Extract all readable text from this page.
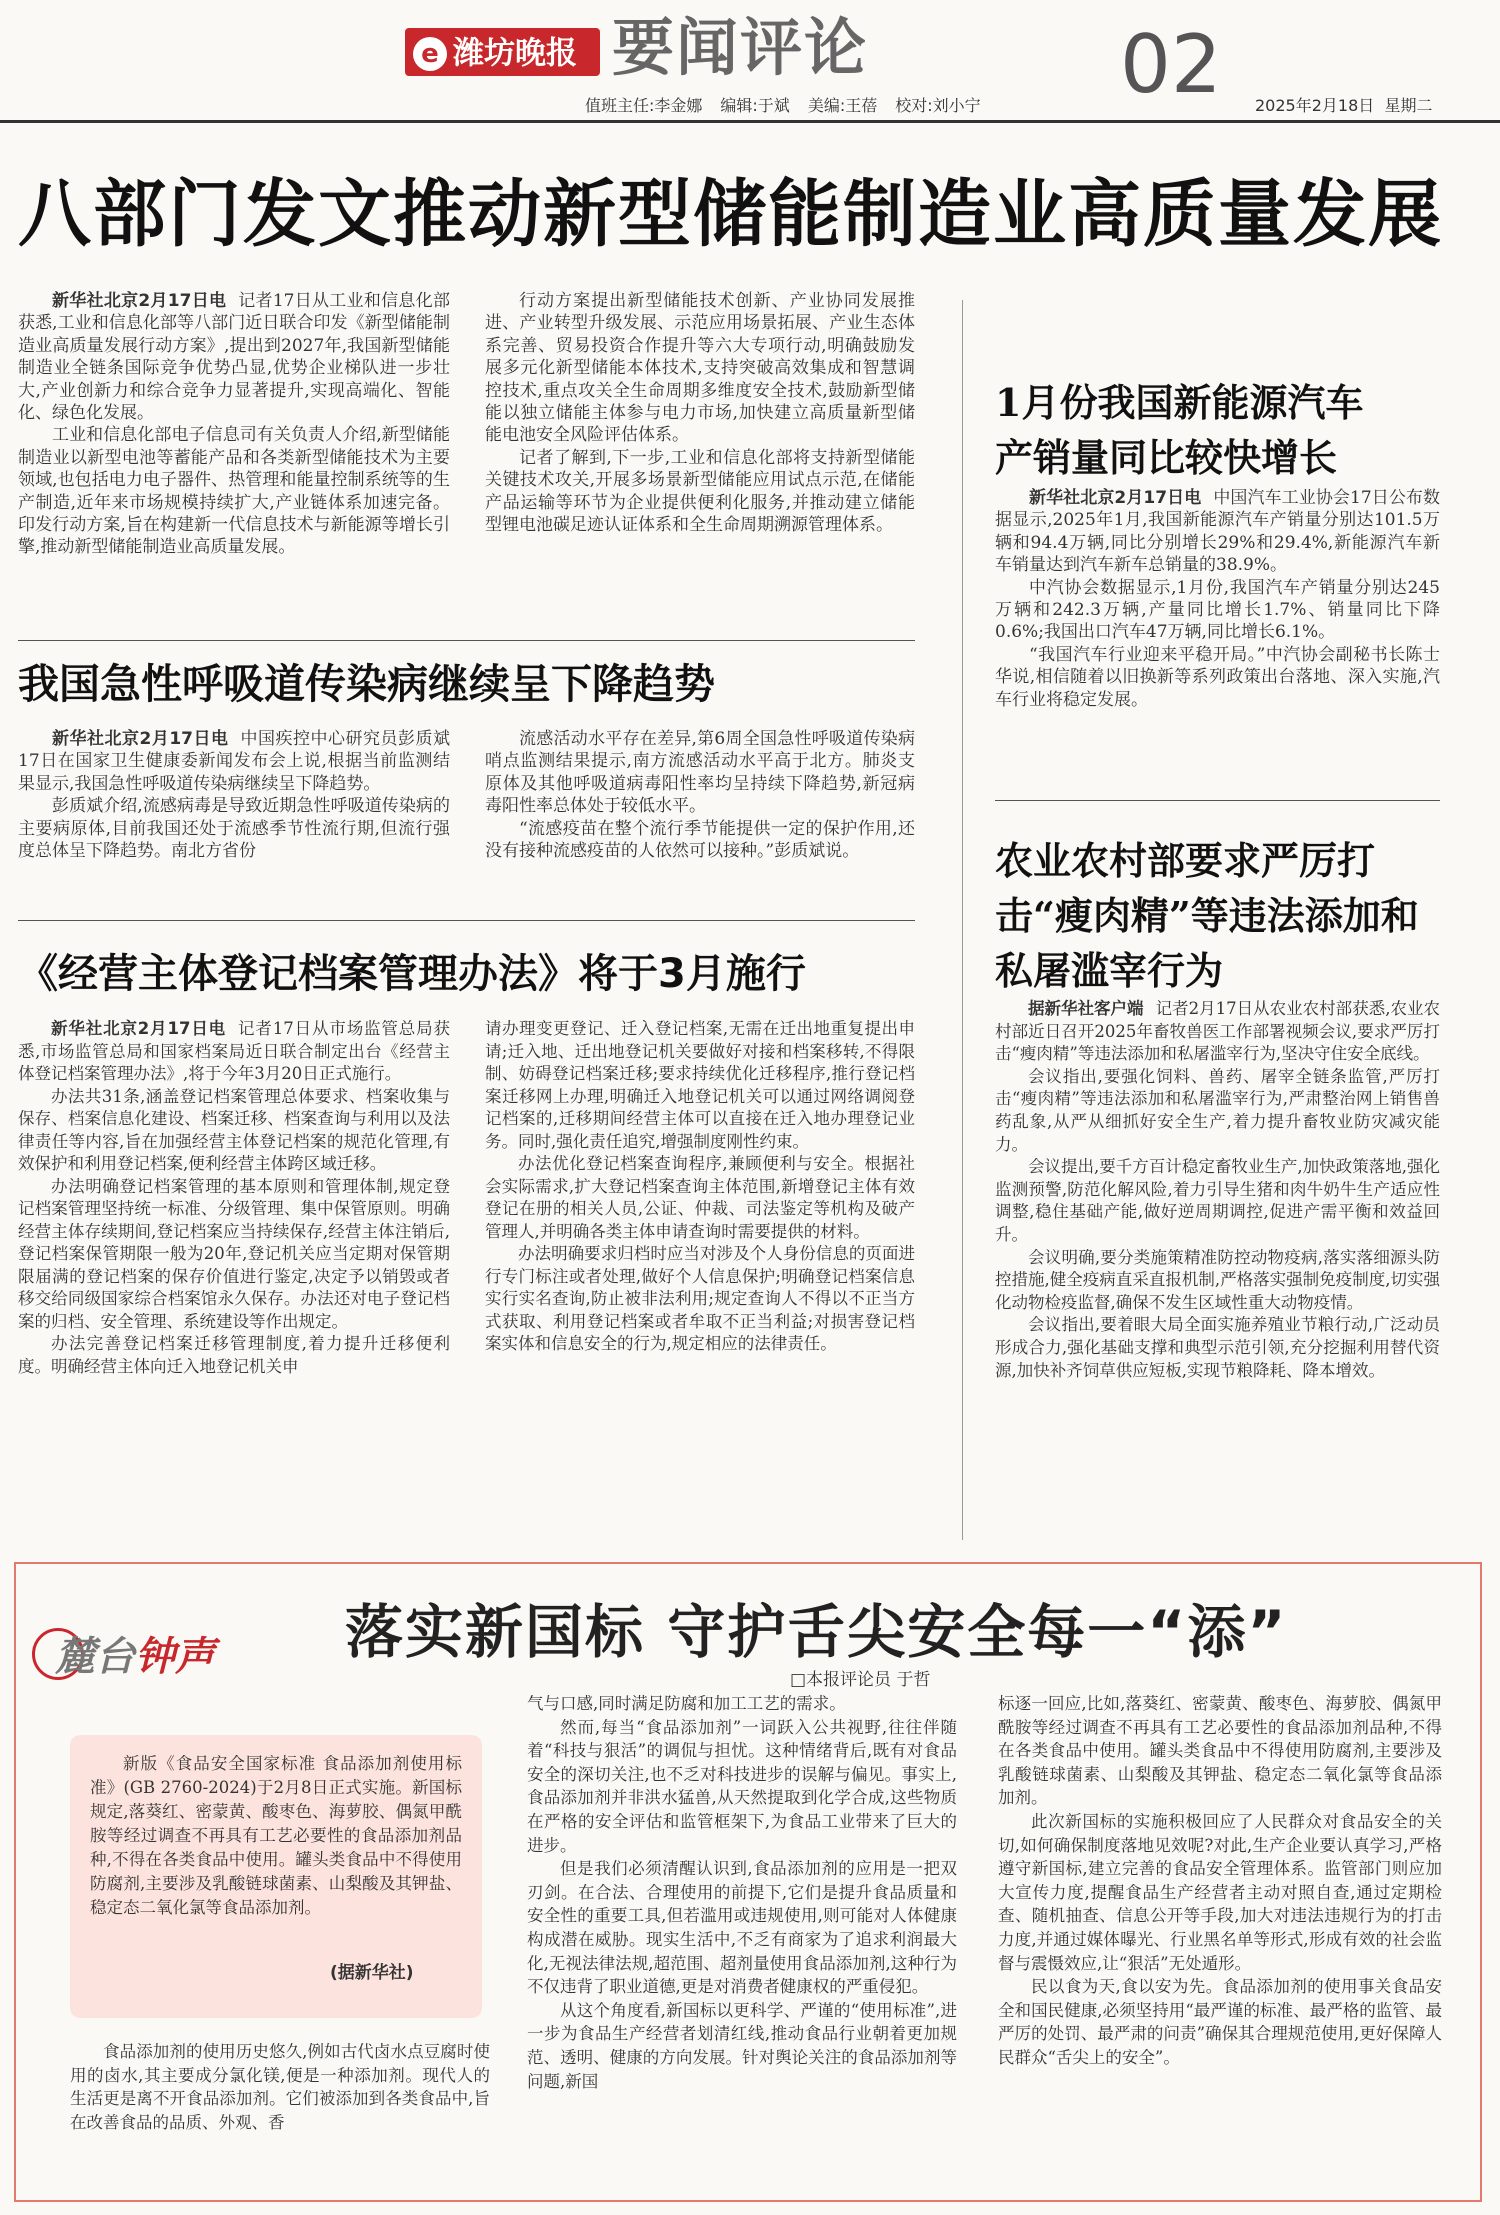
e 潍坊晚报 要闻评论	02
值班主任:李金娜 编辑:于斌 美编:王蓓 校对:刘小宁	2025年2月18日 星期二
八部门发文推动新型储能制造业高质量发展

新华社北京2月17日电 记者17日从工业和信息化部获悉,工业和信息化部等八部门近日联合印发《新型储能制造业高质量发展行动方案》,提出到2027年,我国新型储能制造业全链条国际竞争优势凸显,优势企业梯队进一步壮大,产业创新力和综合竞争力显著提升,实现高端化、智能化、绿色化发展。

工业和信息化部电子信息司有关负责人介绍,新型储能制造业以新型电池等蓄能产品和各类新型储能技术为主要领域,也包括电力电子器件、热管理和能量控制系统等的生产制造,近年来市场规模持续扩大,产业链体系加速完备。印发行动方案,旨在构建新一代信息技术与新能源等增长引擎,推动新型储能制造业高质量发展。

行动方案提出新型储能技术创新、产业协同发展推进、产业转型升级发展、示范应用场景拓展、产业生态体系完善、贸易投资合作提升等六大专项行动,明确鼓励发展多元化新型储能本体技术,支持突破高效集成和智慧调控技术,重点攻关全生命周期多维度安全技术,鼓励新型储能以独立储能主体参与电力市场,加快建立高质量新型储能电池安全风险评估体系。

记者了解到,下一步,工业和信息化部将支持新型储能关键技术攻关,开展多场景新型储能应用试点示范,在储能产品运输等环节为企业提供便利化服务,并推动建立储能型锂电池碳足迹认证体系和全生命周期溯源管理体系。

我国急性呼吸道传染病继续呈下降趋势

新华社北京2月17日电 中国疾控中心研究员彭质斌17日在国家卫生健康委新闻发布会上说,根据当前监测结果显示,我国急性呼吸道传染病继续呈下降趋势。

彭质斌介绍,流感病毒是导致近期急性呼吸道传染病的主要病原体,目前我国还处于流感季节性流行期,但流行强度总体呈下降趋势。南北方省份

流感活动水平存在差异,第6周全国急性呼吸道传染病哨点监测结果提示,南方流感活动水平高于北方。肺炎支原体及其他呼吸道病毒阳性率均呈持续下降趋势,新冠病毒阳性率总体处于较低水平。

“流感疫苗在整个流行季节能提供一定的保护作用,还没有接种流感疫苗的人依然可以接种。”彭质斌说。

《经营主体登记档案管理办法》将于3月施行

新华社北京2月17日电 记者17日从市场监管总局获悉,市场监管总局和国家档案局近日联合制定出台《经营主体登记档案管理办法》,将于今年3月20日正式施行。

办法共31条,涵盖登记档案管理总体要求、档案收集与保存、档案信息化建设、档案迁移、档案查询与利用以及法律责任等内容,旨在加强经营主体登记档案的规范化管理,有效保护和利用登记档案,便利经营主体跨区域迁移。

办法明确登记档案管理的基本原则和管理体制,规定登记档案管理坚持统一标准、分级管理、集中保管原则。明确经营主体存续期间,登记档案应当持续保存,经营主体注销后,登记档案保管期限一般为20年,登记机关应当定期对保管期限届满的登记档案的保存价值进行鉴定,决定予以销毁或者移交给同级国家综合档案馆永久保存。办法还对电子登记档案的归档、安全管理、系统建设等作出规定。

办法完善登记档案迁移管理制度,着力提升迁移便利度。明确经营主体向迁入地登记机关申

请办理变更登记、迁入登记档案,无需在迁出地重复提出申请;迁入地、迁出地登记机关要做好对接和档案移转,不得限制、妨碍登记档案迁移;要求持续优化迁移程序,推行登记档案迁移网上办理,明确迁入地登记机关可以通过网络调阅登记档案的,迁移期间经营主体可以直接在迁入地办理登记业务。同时,强化责任追究,增强制度刚性约束。

办法优化登记档案查询程序,兼顾便利与安全。根据社会实际需求,扩大登记档案查询主体范围,新增登记主体有效登记在册的相关人员,公证、仲裁、司法鉴定等机构及破产管理人,并明确各类主体申请查询时需要提供的材料。

办法明确要求归档时应当对涉及个人身份信息的页面进行专门标注或者处理,做好个人信息保护;明确登记档案信息实行实名查询,防止被非法利用;规定查询人不得以不正当方式获取、利用登记档案或者牟取不正当利益;对损害登记档案实体和信息安全的行为,规定相应的法律责任。

1月份我国新能源汽车产销量同比较快增长

新华社北京2月17日电 中国汽车工业协会17日公布数据显示,2025年1月,我国新能源汽车产销量分别达101.5万辆和94.4万辆,同比分别增长29%和29.4%,新能源汽车新车销量达到汽车新车总销量的38.9%。

中汽协会数据显示,1月份,我国汽车产销量分别达245万辆和242.3万辆,产量同比增长1.7%、销量同比下降0.6%;我国出口汽车47万辆,同比增长6.1%。

“我国汽车行业迎来平稳开局。”中汽协会副秘书长陈士华说,相信随着以旧换新等系列政策出台落地、深入实施,汽车行业将稳定发展。

农业农村部要求严厉打击“瘦肉精”等违法添加和私屠滥宰行为

据新华社客户端 记者2月17日从农业农村部获悉,农业农村部近日召开2025年畜牧兽医工作部署视频会议,要求严厉打击“瘦肉精”等违法添加和私屠滥宰行为,坚决守住安全底线。

会议指出,要强化饲料、兽药、屠宰全链条监管,严厉打击“瘦肉精”等违法添加和私屠滥宰行为,严肃整治网上销售兽药乱象,从严从细抓好安全生产,着力提升畜牧业防灾减灾能力。

会议提出,要千方百计稳定畜牧业生产,加快政策落地,强化监测预警,防范化解风险,着力引导生猪和肉牛奶牛生产适应性调整,稳住基础产能,做好逆周期调控,促进产需平衡和效益回升。

会议明确,要分类施策精准防控动物疫病,落实落细源头防控措施,健全疫病直采直报机制,严格落实强制免疫制度,切实强化动物检疫监督,确保不发生区域性重大动物疫情。

会议指出,要着眼大局全面实施养殖业节粮行动,广泛动员形成合力,强化基础支撑和典型示范引领,充分挖掘利用替代资源,加快补齐饲草供应短板,实现节粮降耗、降本增效。

麓台钟声 落实新国标 守护舌尖安全每一“添”
□本报评论员 于哲

新版《食品安全国家标准 食品添加剂使用标准》(GB 2760-2024)于2月8日正式实施。新国标规定,落葵红、密蒙黄、酸枣色、海萝胶、偶氮甲酰胺等经过调查不再具有工艺必要性的食品添加剂品种,不得在各类食品中使用。罐头类食品中不得使用防腐剂,主要涉及乳酸链球菌素、山梨酸及其钾盐、稳定态二氧化氯等食品添加剂。

(据新华社)

食品添加剂的使用历史悠久,例如古代卤水点豆腐时使用的卤水,其主要成分氯化镁,便是一种添加剂。现代人的生活更是离不开食品添加剂。它们被添加到各类食品中,旨在改善食品的品质、外观、香

气与口感,同时满足防腐和加工工艺的需求。

然而,每当“食品添加剂”一词跃入公共视野,往往伴随着“科技与狠活”的调侃与担忧。这种情绪背后,既有对食品安全的深切关注,也不乏对科技进步的误解与偏见。事实上,食品添加剂并非洪水猛兽,从天然提取到化学合成,这些物质在严格的安全评估和监管框架下,为食品工业带来了巨大的进步。

但是我们必须清醒认识到,食品添加剂的应用是一把双刃剑。在合法、合理使用的前提下,它们是提升食品质量和安全性的重要工具,但若滥用或违规使用,则可能对人体健康构成潜在威胁。现实生活中,不乏有商家为了追求利润最大化,无视法律法规,超范围、超剂量使用食品添加剂,这种行为不仅违背了职业道德,更是对消费者健康权的严重侵犯。

从这个角度看,新国标以更科学、严谨的“使用标准”,进一步为食品生产经营者划清红线,推动食品行业朝着更加规范、透明、健康的方向发展。针对舆论关注的食品添加剂等问题,新国

标逐一回应,比如,落葵红、密蒙黄、酸枣色、海萝胶、偶氮甲酰胺等经过调查不再具有工艺必要性的食品添加剂品种,不得在各类食品中使用。罐头类食品中不得使用防腐剂,主要涉及乳酸链球菌素、山梨酸及其钾盐、稳定态二氧化氯等食品添加剂。

此次新国标的实施积极回应了人民群众对食品安全的关切,如何确保制度落地见效呢?对此,生产企业要认真学习,严格遵守新国标,建立完善的食品安全管理体系。监管部门则应加大宣传力度,提醒食品生产经营者主动对照自查,通过定期检查、随机抽查、信息公开等手段,加大对违法违规行为的打击力度,并通过媒体曝光、行业黑名单等形式,形成有效的社会监督与震慑效应,让“狠活”无处遁形。

民以食为天,食以安为先。食品添加剂的使用事关食品安全和国民健康,必须坚持用“最严谨的标准、最严格的监管、最严厉的处罚、最严肃的问责”确保其合理规范使用,更好保障人民群众“舌尖上的安全”。
